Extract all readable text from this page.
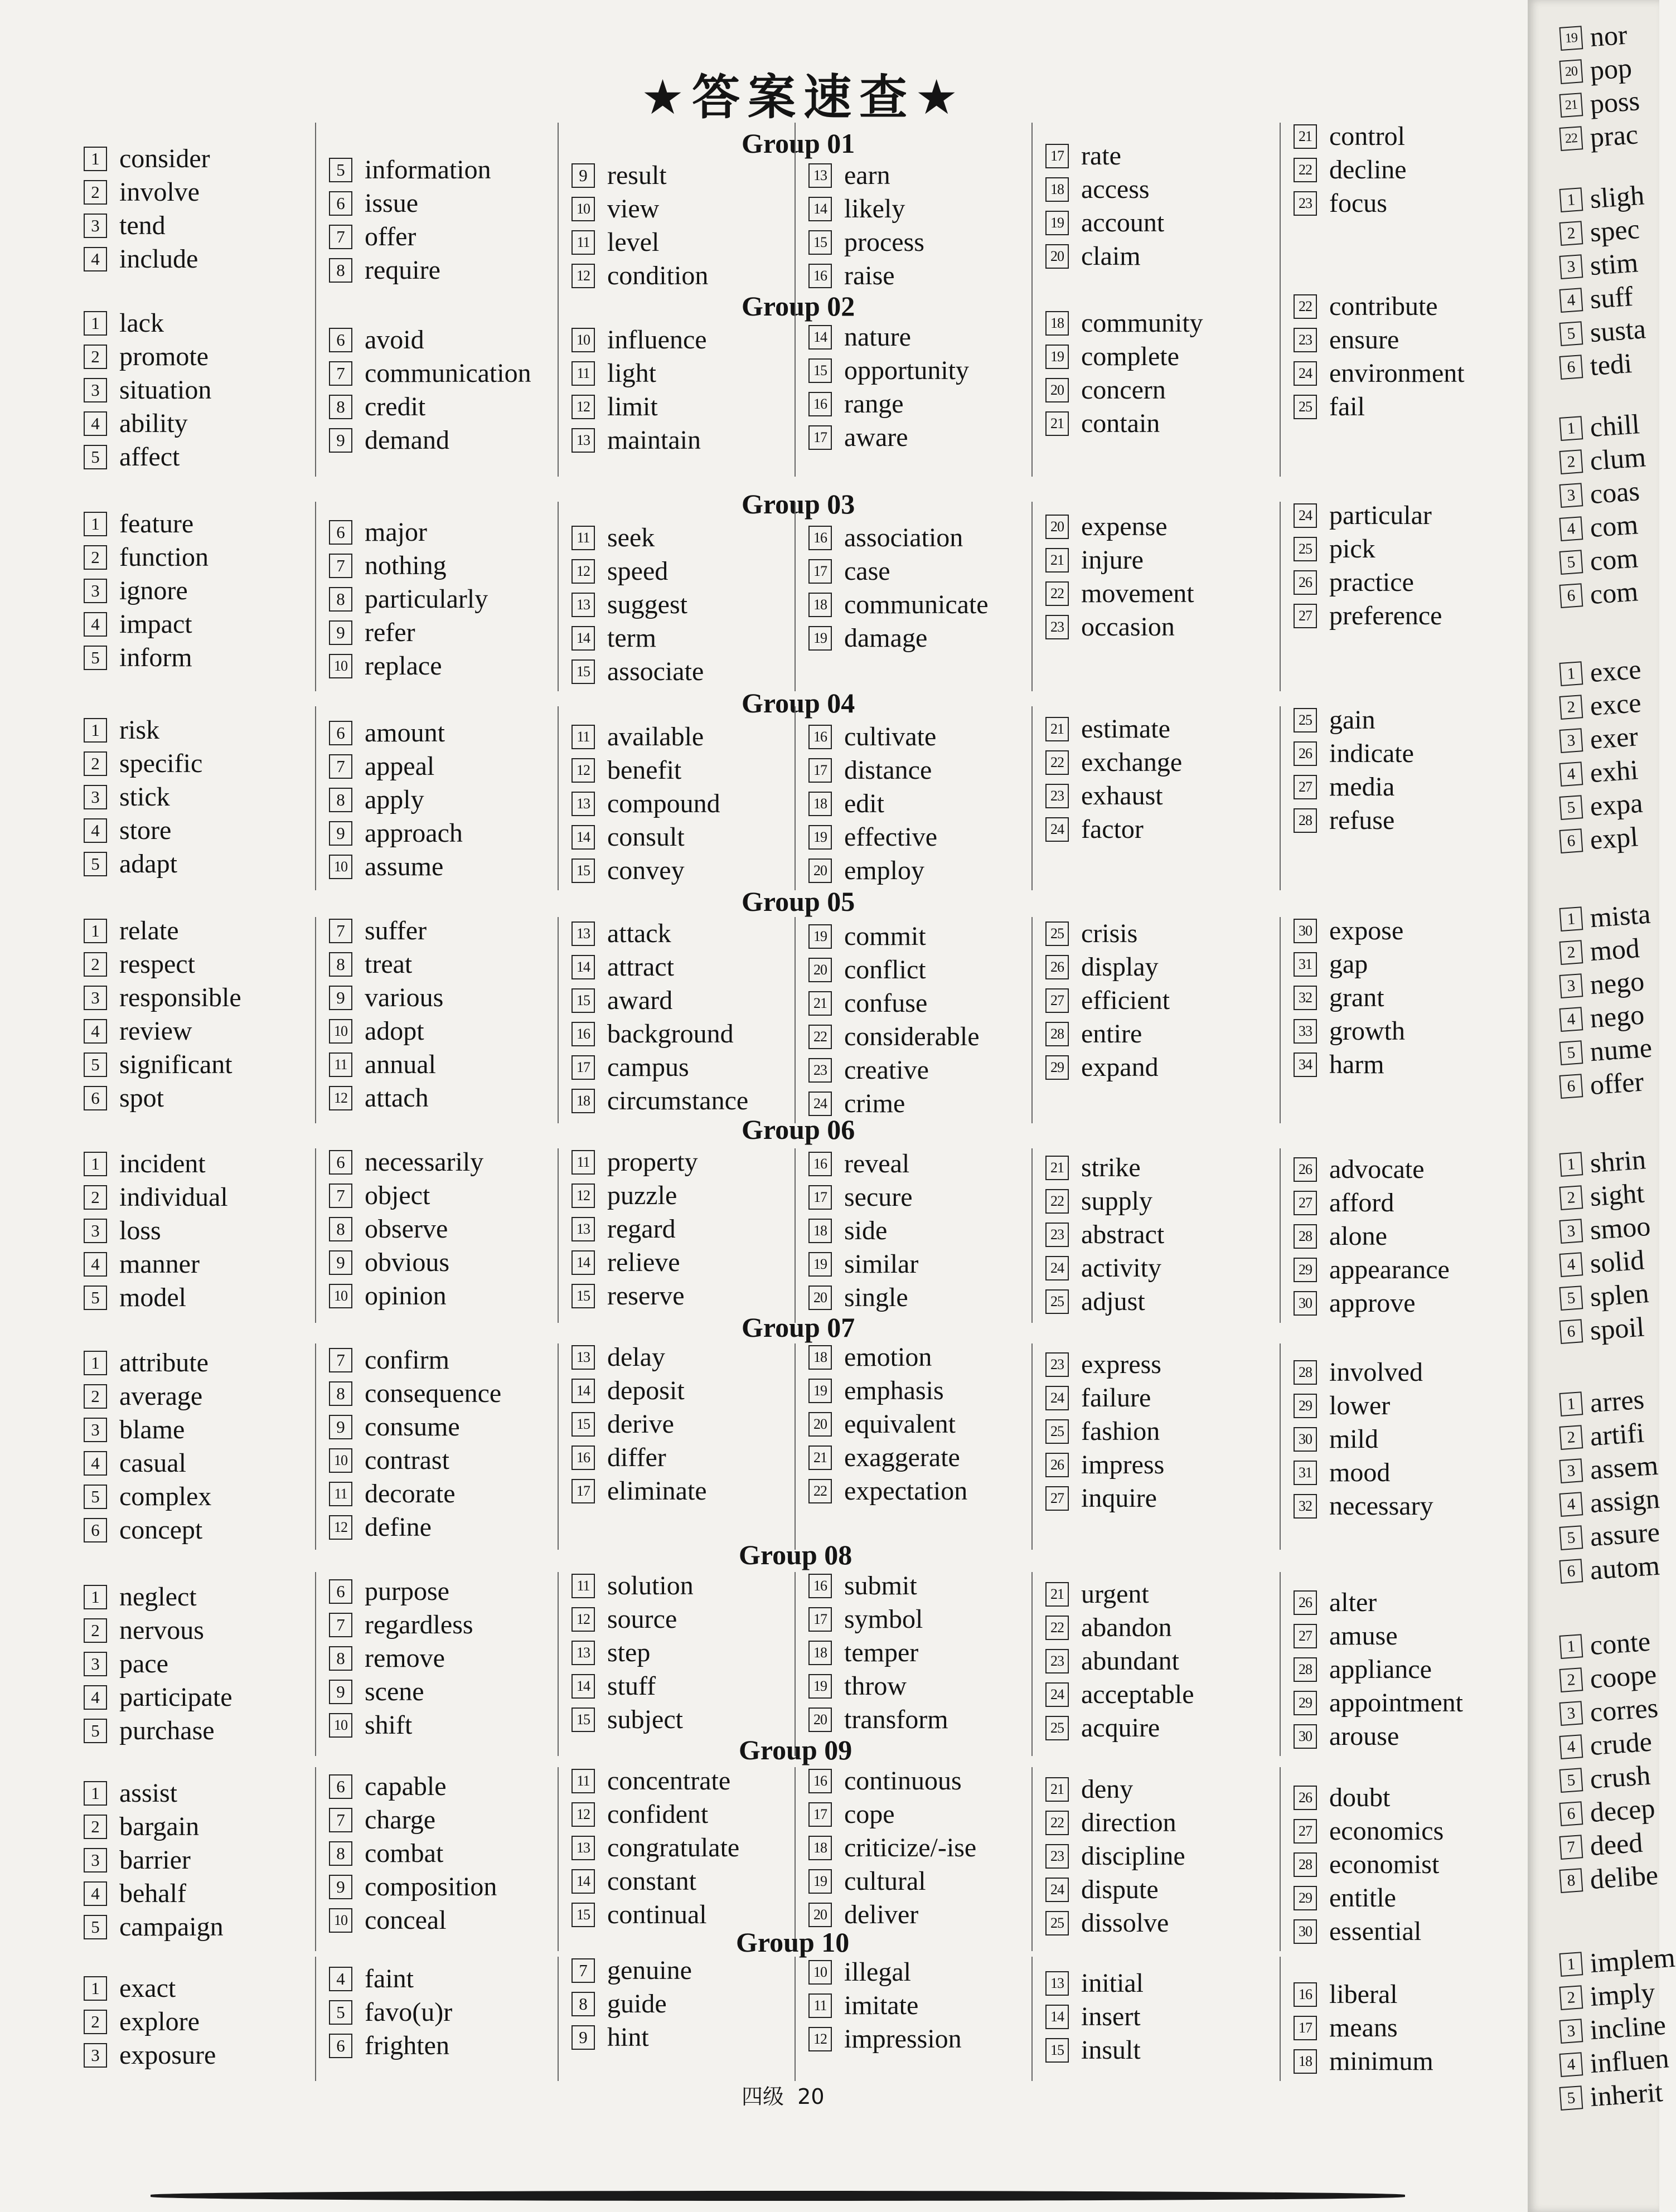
★答案速查★
Group 01
1 consider
2 involve
3 tend
4 include
5 information
6 issue
7 offer
8 require
9 result
10 view
11 level
12 condition
13 earn
14 likely
15 process
16 raise
17 rate
18 access
19 account
20 claim
21 control
22 decline
23 focus
Group 02
1 lack
2 promote
3 situation
4 ability
5 affect
6 avoid
7 communication
8 credit
9 demand
10 influence
11 light
12 limit
13 maintain
14 nature
15 opportunity
16 range
17 aware
18 community
19 complete
20 concern
21 contain
22 contribute
23 ensure
24 environment
25 fail
Group 03
1 feature
2 function
3 ignore
4 impact
5 inform
6 major
7 nothing
8 particularly
9 refer
10 replace
11 seek
12 speed
13 suggest
14 term
15 associate
16 association
17 case
18 communicate
19 damage
20 expense
21 injure
22 movement
23 occasion
24 particular
25 pick
26 practice
27 preference
Group 04
1 risk
2 specific
3 stick
4 store
5 adapt
6 amount
7 appeal
8 apply
9 approach
10 assume
11 available
12 benefit
13 compound
14 consult
15 convey
16 cultivate
17 distance
18 edit
19 effective
20 employ
21 estimate
22 exchange
23 exhaust
24 factor
25 gain
26 indicate
27 media
28 refuse
Group 05
1 relate
2 respect
3 responsible
4 review
5 significant
6 spot
7 suffer
8 treat
9 various
10 adopt
11 annual
12 attach
13 attack
14 attract
15 award
16 background
17 campus
18 circumstance
19 commit
20 conflict
21 confuse
22 considerable
23 creative
24 crime
25 crisis
26 display
27 efficient
28 entire
29 expand
30 expose
31 gap
32 grant
33 growth
34 harm
Group 06
1 incident
2 individual
3 loss
4 manner
5 model
6 necessarily
7 object
8 observe
9 obvious
10 opinion
11 property
12 puzzle
13 regard
14 relieve
15 reserve
16 reveal
17 secure
18 side
19 similar
20 single
21 strike
22 supply
23 abstract
24 activity
25 adjust
26 advocate
27 afford
28 alone
29 appearance
30 approve
Group 07
1 attribute
2 average
3 blame
4 casual
5 complex
6 concept
7 confirm
8 consequence
9 consume
10 contrast
11 decorate
12 define
13 delay
14 deposit
15 derive
16 differ
17 eliminate
18 emotion
19 emphasis
20 equivalent
21 exaggerate
22 expectation
23 express
24 failure
25 fashion
26 impress
27 inquire
28 involved
29 lower
30 mild
31 mood
32 necessary
Group 08
1 neglect
2 nervous
3 pace
4 participate
5 purchase
6 purpose
7 regardless
8 remove
9 scene
10 shift
11 solution
12 source
13 step
14 stuff
15 subject
16 submit
17 symbol
18 temper
19 throw
20 transform
21 urgent
22 abandon
23 abundant
24 acceptable
25 acquire
26 alter
27 amuse
28 appliance
29 appointment
30 arouse
Group 09
1 assist
2 bargain
3 barrier
4 behalf
5 campaign
6 capable
7 charge
8 combat
9 composition
10 conceal
11 concentrate
12 confident
13 congratulate
14 constant
15 continual
16 continuous
17 cope
18 criticize/-ise
19 cultural
20 deliver
21 deny
22 direction
23 discipline
24 dispute
25 dissolve
26 doubt
27 economics
28 economist
29 entitle
30 essential
Group 10
1 exact
2 explore
3 exposure
4 faint
5 favo(u)r
6 frighten
7 genuine
8 guide
9 hint
10 illegal
11 imitate
12 impression
13 initial
14 insert
15 insult
16 liberal
17 means
18 minimum
四级 20
19 nor
20 pop
21 poss
22 prac
1 sligh
2 spec
3 stim
4 suff
5 susta
6 tedi
1 chill
2 clum
3 coas
4 com
5 com
6 com
1 exce
2 exce
3 exer
4 exhi
5 expa
6 expl
1 mista
2 mod
3 nego
4 nego
5 nume
6 offer
1 shrin
2 sight
3 smoo
4 solid
5 splen
6 spoil
1 arres
2 artifi
3 assem
4 assign
5 assure
6 autom
1 conte
2 coope
3 corres
4 crude
5 crush
6 decep
7 deed
8 delibe
1 implem
2 imply
3 incline
4 influen
5 inherit
